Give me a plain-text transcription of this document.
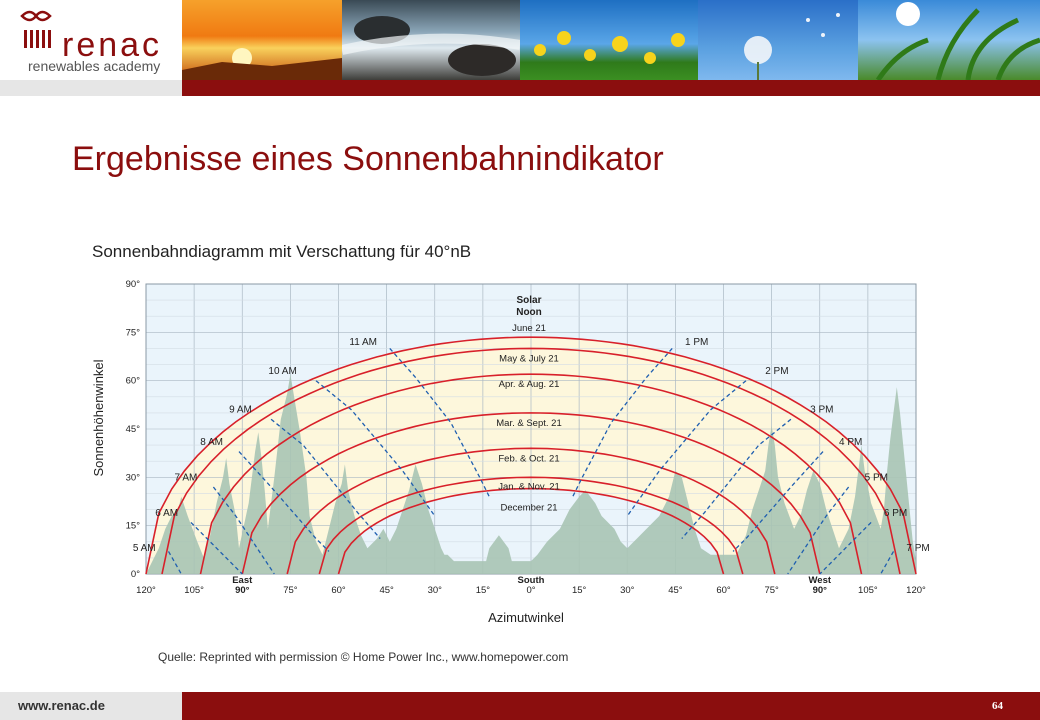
renac
renewables academy
Ergebnisse eines Sonnenbahnindikator
Sonnenbahndiagramm mit Verschattung für 40°nB
120°	105°	90°	75°	60°	45°	30°	15°	0°	15°	30°	45°	60°	75°	90°	105°	120°
0°
15°
30°
45°
60°
75°
90°
East	South	West
June 21
May & July 21
Apr. & Aug. 21
Mar. & Sept. 21
Feb. & Oct. 21
Jan. & Nov. 21
December 21
Solar
Noon
5 AM
6 AM
7 AM
8 AM
9 AM
10 AM
11 AM	1 PM
2 PM
3 PM
4 PM
5 PM
6 PM
7 PM
Azimutwinkel
Sonnenhöhenwinkel
Quelle: Reprinted with permission © Home Power Inc., www.homepower.com
www.renac.de	64
